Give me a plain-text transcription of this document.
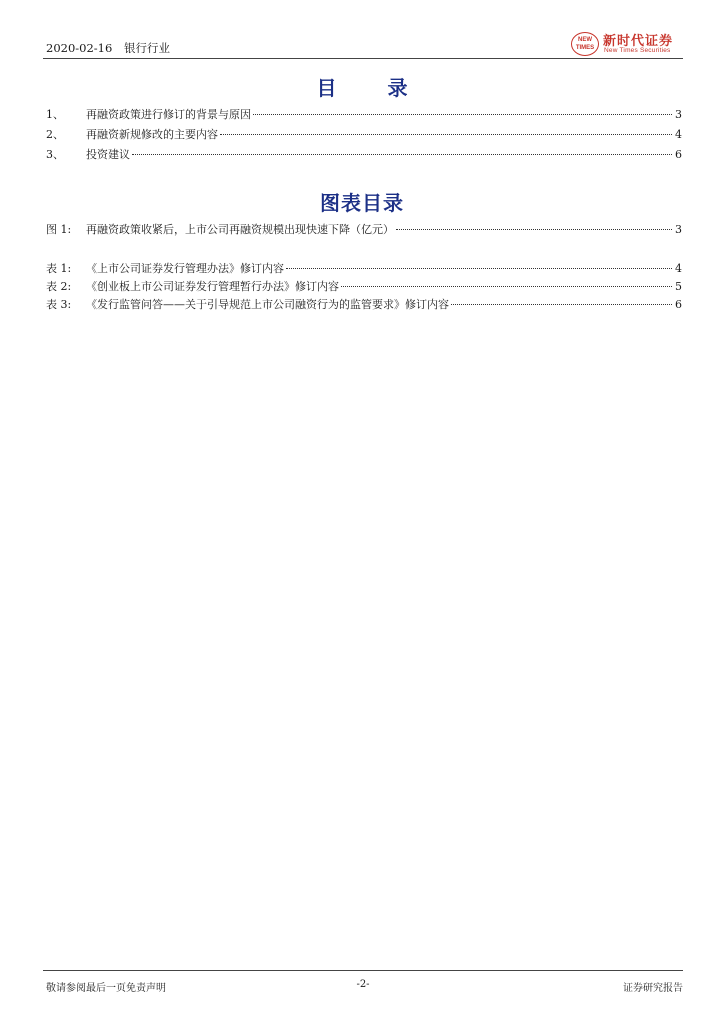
2020-02-16 银行行业
NEW TIMES 新时代证券
New Times Securities
目 录
1、	再融资政策进行修订的背景与原因	3
2、	再融资新规修改的主要内容	4
3、	投资建议	6
图表目录
图 1:	再融资政策收紧后，上市公司再融资规模出现快速下降（亿元）	3
表 1:	《上市公司证券发行管理办法》修订内容	4
表 2:	《创业板上市公司证券发行管理暂行办法》修订内容	5
表 3:	《发行监管问答——关于引导规范上市公司融资行为的监管要求》修订内容	6
敬请参阅最后一页免责声明	-2-	证券研究报告
